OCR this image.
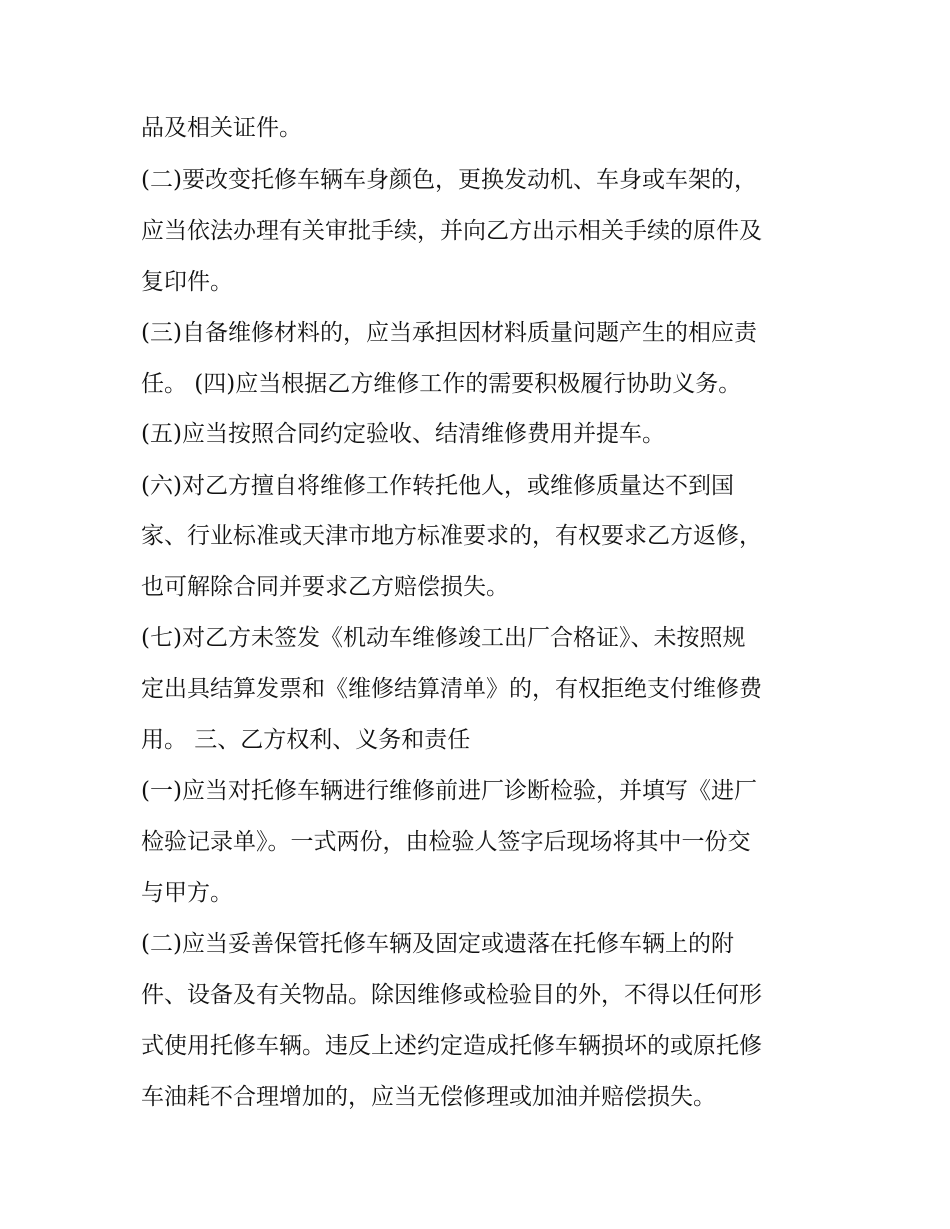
品及相关证件。

(二)要改变托修车辆车身颜色，更换发动机、车身或车架的，

应当依法办理有关审批手续，并向乙方出示相关手续的原件及

复印件。

(三)自备维修材料的，应当承担因材料质量问题产生的相应责

任。 (四)应当根据乙方维修工作的需要积极履行协助义务。

(五)应当按照合同约定验收、结清维修费用并提车。

(六)对乙方擅自将维修工作转托他人，或维修质量达不到国

家、行业标准或天津市地方标准要求的，有权要求乙方返修，

也可解除合同并要求乙方赔偿损失。

(七)对乙方未签发《机动车维修竣工出厂合格证》、未按照规

定出具结算发票和《维修结算清单》的，有权拒绝支付维修费

用。 三、乙方权利、义务和责任

(一)应当对托修车辆进行维修前进厂诊断检验，并填写《进厂

检验记录单》。一式两份，由检验人签字后现场将其中一份交

与甲方。

(二)应当妥善保管托修车辆及固定或遗落在托修车辆上的附

件、设备及有关物品。除因维修或检验目的外，不得以任何形

式使用托修车辆。违反上述约定造成托修车辆损坏的或原托修

车油耗不合理增加的，应当无偿修理或加油并赔偿损失。
